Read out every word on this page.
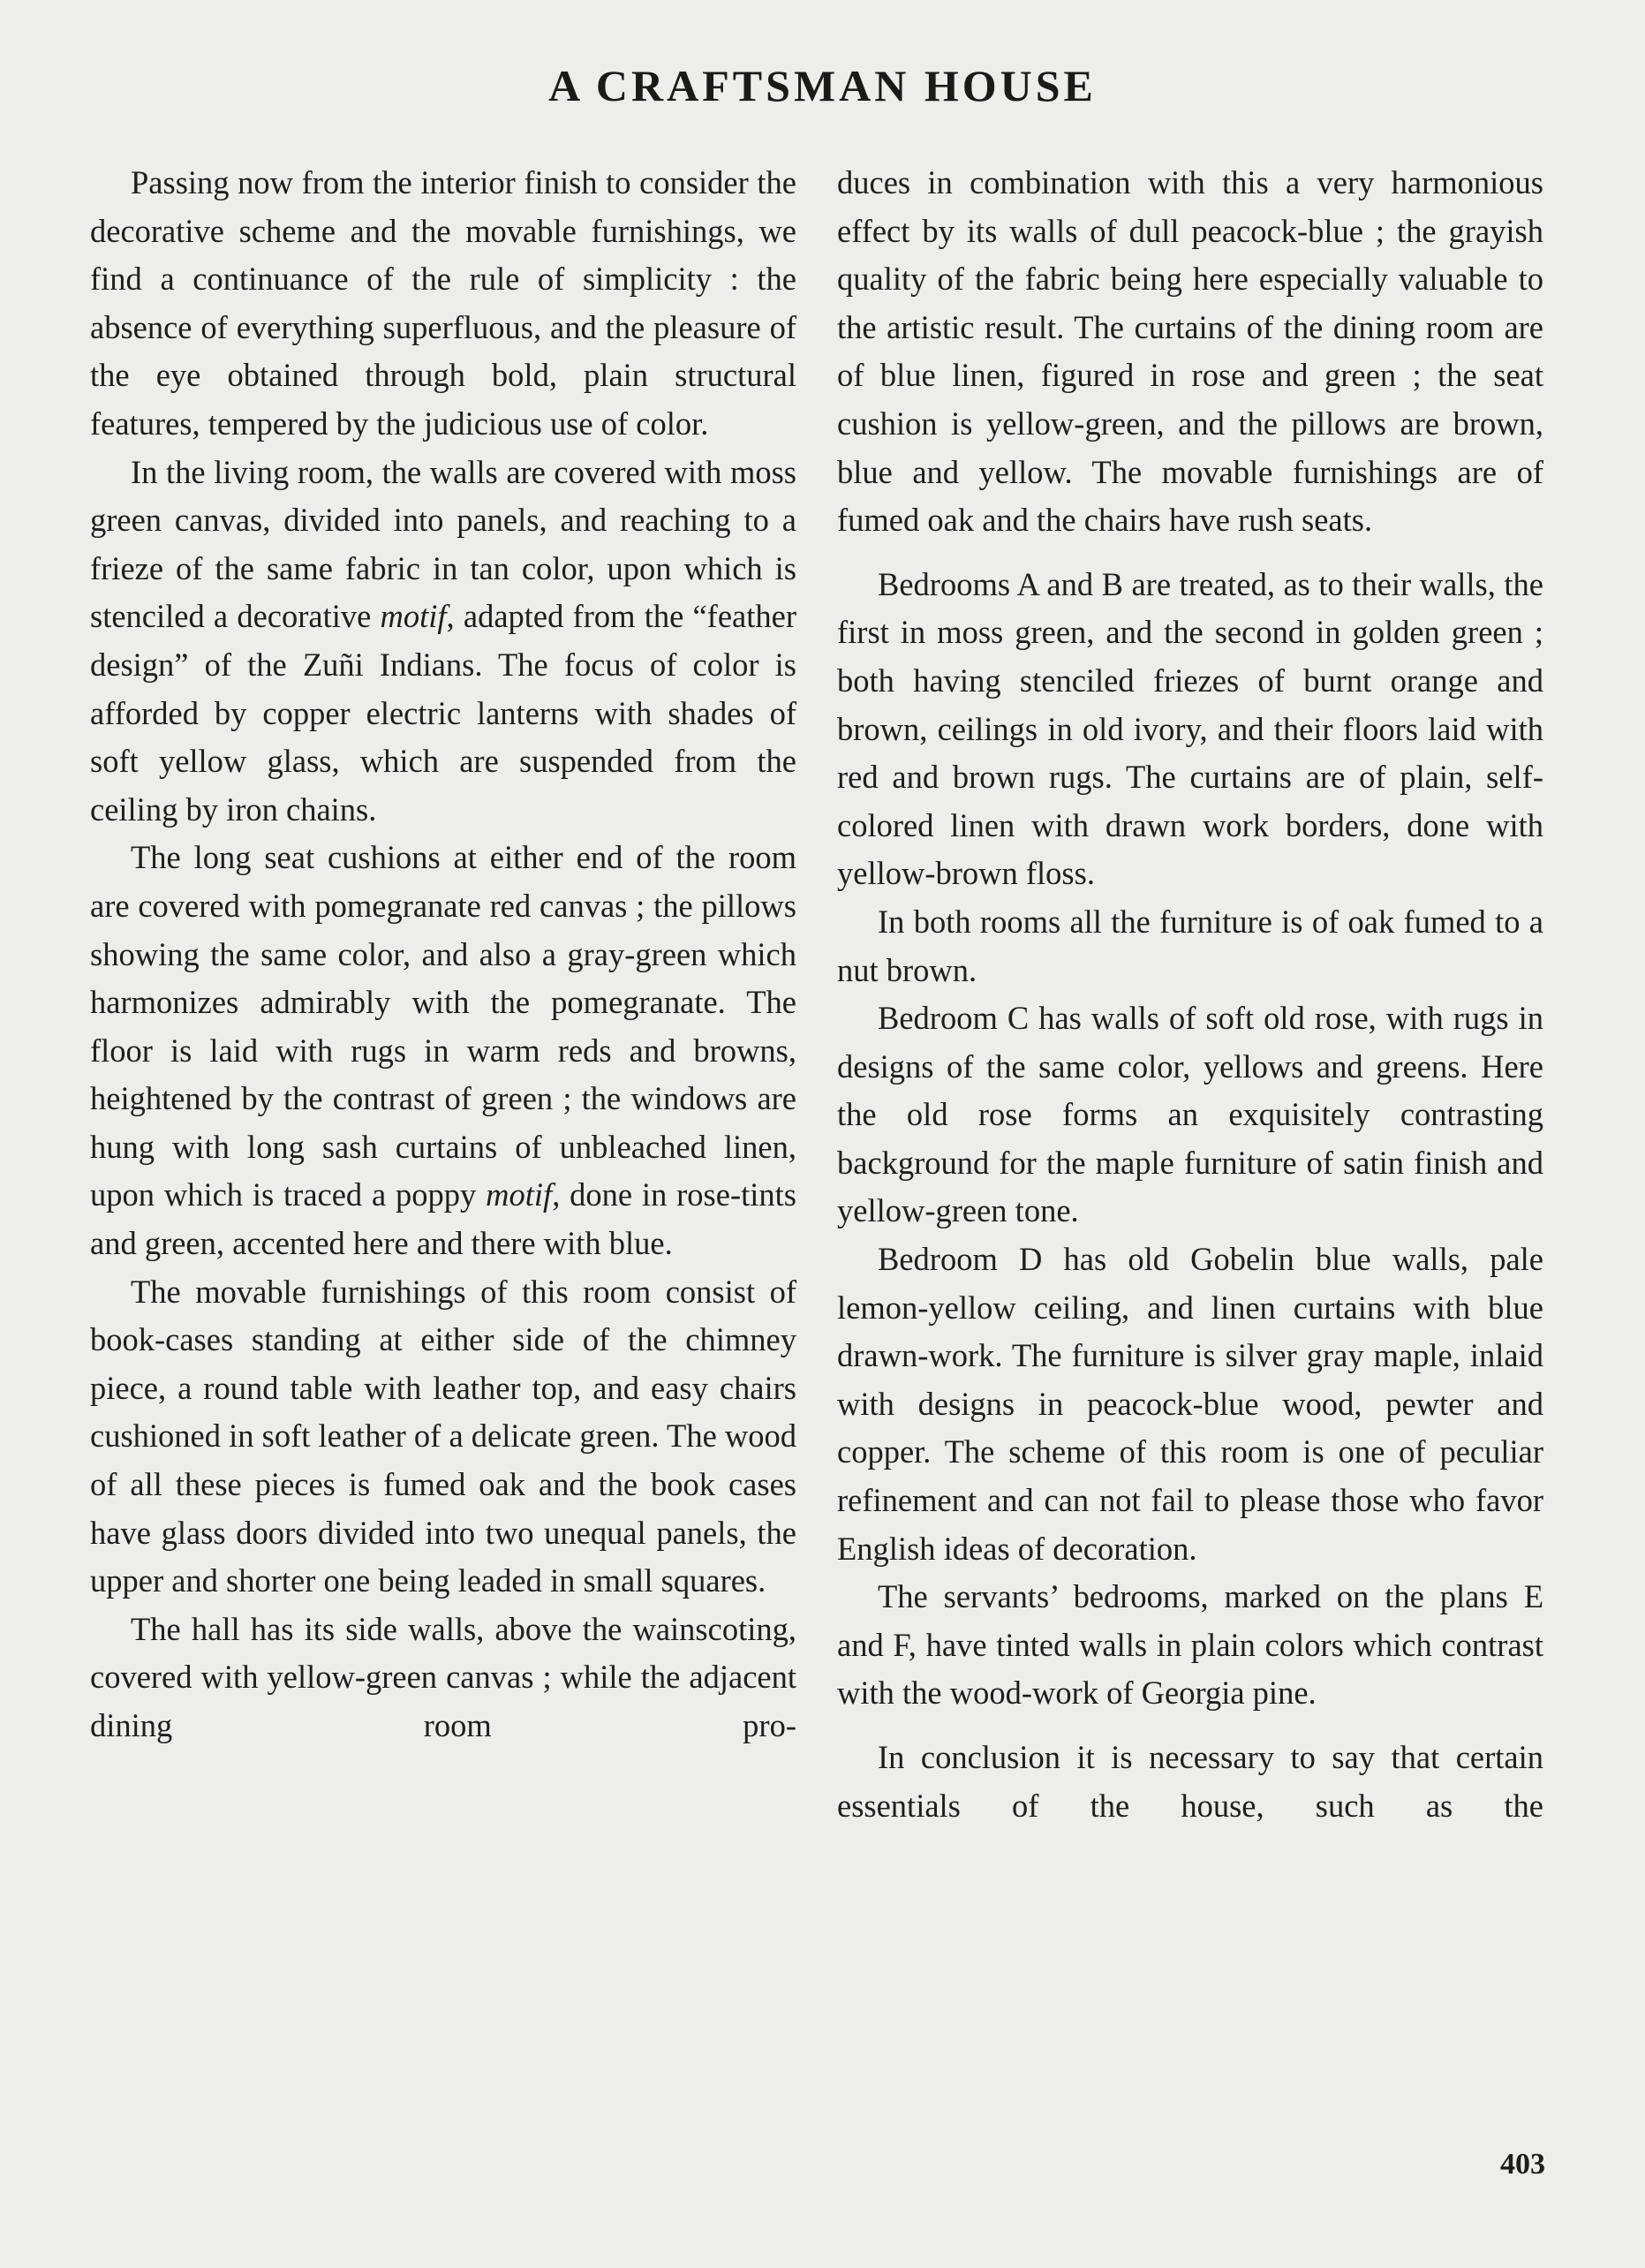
A CRAFTSMAN HOUSE

Passing now from the interior finish to consider the decorative scheme and the movable furnishings, we find a continuance of the rule of simplicity : the absence of everything superfluous, and the pleasure of the eye obtained through bold, plain structural features, tempered by the judicious use of color.

In the living room, the walls are covered with moss green canvas, divided into panels, and reaching to a frieze of the same fabric in tan color, upon which is stenciled a decorative motif, adapted from the “feather design” of the Zuñi Indians. The focus of color is afforded by copper electric lanterns with shades of soft yellow glass, which are suspended from the ceiling by iron chains.

The long seat cushions at either end of the room are covered with pomegranate red canvas ; the pillows showing the same color, and also a gray-green which harmonizes admirably with the pomegranate. The floor is laid with rugs in warm reds and browns, heightened by the contrast of green ; the windows are hung with long sash curtains of unbleached linen, upon which is traced a poppy motif, done in rose-tints and green, accented here and there with blue.

The movable furnishings of this room consist of book-cases standing at either side of the chimney piece, a round table with leather top, and easy chairs cushioned in soft leather of a delicate green. The wood of all these pieces is fumed oak and the book cases have glass doors divided into two unequal panels, the upper and shorter one being leaded in small squares.

The hall has its side walls, above the wainscoting, covered with yellow-green canvas ; while the adjacent dining room pro-

duces in combination with this a very harmonious effect by its walls of dull peacock-blue ; the grayish quality of the fabric being here especially valuable to the artistic result. The curtains of the dining room are of blue linen, figured in rose and green ; the seat cushion is yellow-green, and the pillows are brown, blue and yellow. The movable furnishings are of fumed oak and the chairs have rush seats.

Bedrooms A and B are treated, as to their walls, the first in moss green, and the second in golden green ; both having stenciled friezes of burnt orange and brown, ceilings in old ivory, and their floors laid with red and brown rugs. The curtains are of plain, self-colored linen with drawn work borders, done with yellow-brown floss.

In both rooms all the furniture is of oak fumed to a nut brown.

Bedroom C has walls of soft old rose, with rugs in designs of the same color, yellows and greens. Here the old rose forms an exquisitely contrasting background for the maple furniture of satin finish and yellow-green tone.

Bedroom D has old Gobelin blue walls, pale lemon-yellow ceiling, and linen curtains with blue drawn-work. The furniture is silver gray maple, inlaid with designs in peacock-blue wood, pewter and copper. The scheme of this room is one of peculiar refinement and can not fail to please those who favor English ideas of decoration.

The servants’ bedrooms, marked on the plans E and F, have tinted walls in plain colors which contrast with the wood-work of Georgia pine.

In conclusion it is necessary to say that certain essentials of the house, such as the

403
